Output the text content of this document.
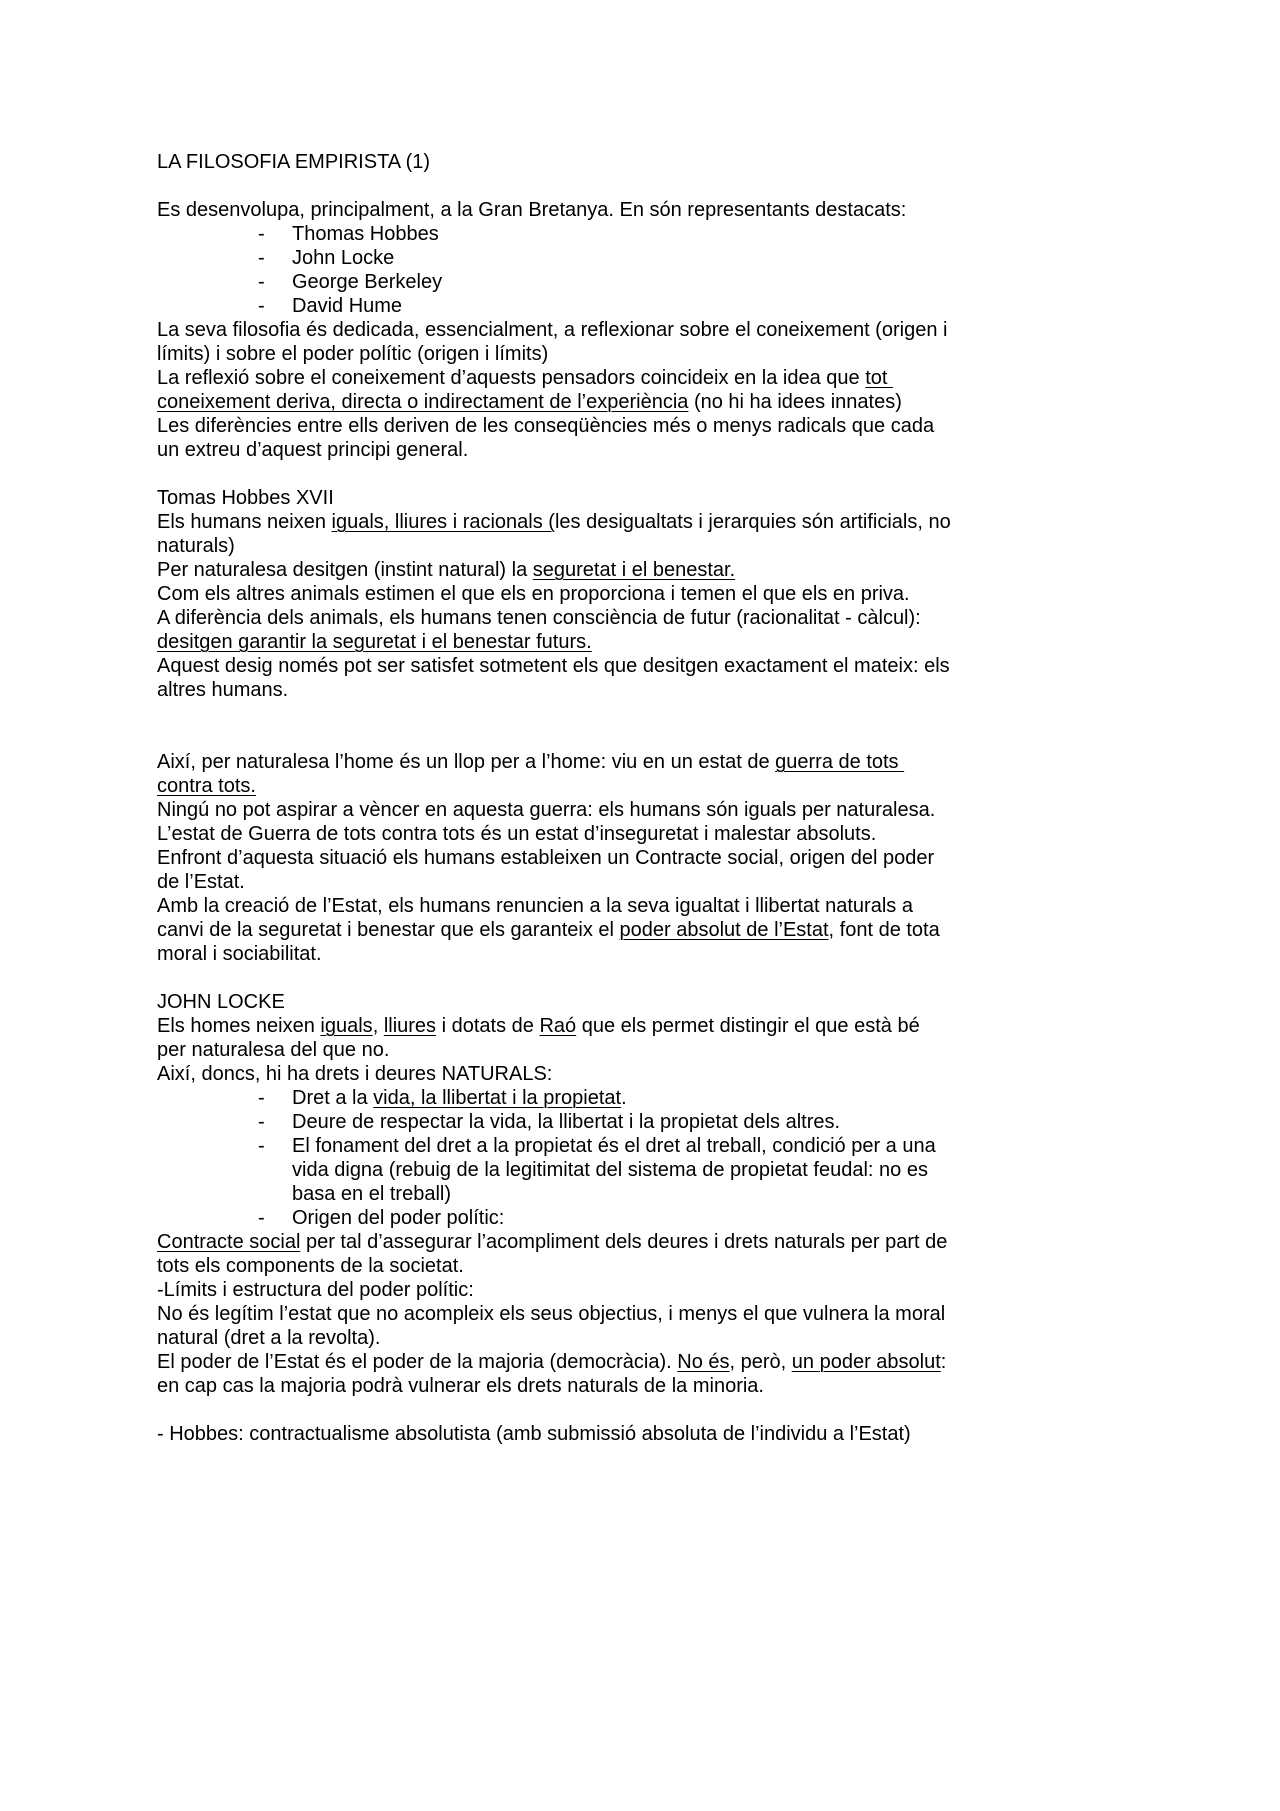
LA FILOSOFIA EMPIRISTA (1)

Es desenvolupa, principalment, a la Gran Bretanya. En són representants destacats:

-	Thomas Hobbes
-	John Locke
-	George Berkeley
-	David Hume

La seva filosofia és dedicada, essencialment, a reflexionar sobre el coneixement (origen i límits) i sobre el poder polític (origen i límits)

La reflexió sobre el coneixement d’aquests pensadors coincideix en la idea que tot coneixement deriva, directa o indirectament de l’experiència (no hi ha idees innates)

Les diferències entre ells deriven de les conseqüències més o menys radicals que cada un extreu d’aquest principi general.

Tomas Hobbes XVII

Els humans neixen iguals, lliures i racionals (les desigualtats i jerarquies són artificials, no naturals)

Per naturalesa desitgen (instint natural) la seguretat i el benestar.

Com els altres animals estimen el que els en proporciona i temen el que els en priva.

A diferència dels animals, els humans tenen consciència de futur (racionalitat - càlcul): desitgen garantir la seguretat i el benestar futurs.

Aquest desig només pot ser satisfet sotmetent els que desitgen exactament el mateix: els altres humans.

Així, per naturalesa l’home és un llop per a l’home: viu en un estat de guerra de tots contra tots.

Ningú no pot aspirar a vèncer en aquesta guerra: els humans són iguals per naturalesa.

L’estat de Guerra de tots contra tots és un estat d’inseguretat i malestar absoluts.

Enfront d’aquesta situació els humans estableixen un Contracte social, origen del poder de l’Estat.

Amb la creació de l’Estat, els humans renuncien a la seva igualtat i llibertat naturals a canvi de la seguretat i benestar que els garanteix el poder absolut de l’Estat, font de tota moral i sociabilitat.

JOHN LOCKE

Els homes neixen iguals, lliures i dotats de Raó que els permet distingir el que està bé per naturalesa del que no.

Així, doncs, hi ha drets i deures NATURALS:

-	Dret a la vida, la llibertat i la propietat.
-	Deure de respectar la vida, la llibertat i la propietat dels altres.
-	El fonament del dret a la propietat és el dret al treball, condició per a una vida digna (rebuig de la legitimitat del sistema de propietat feudal: no es basa en el treball)
-	Origen del poder polític:

Contracte social per tal d’assegurar l’acompliment dels deures i drets naturals per part de tots els components de la societat.

-Límits i estructura del poder polític:

No és legítim l’estat que no acompleix els seus objectius, i menys el que vulnera la moral natural (dret a la revolta).

El poder de l’Estat és el poder de la majoria (democràcia). No és, però, un poder absolut: en cap cas la majoria podrà vulnerar els drets naturals de la minoria.

- Hobbes: contractualisme absolutista (amb submissió absoluta de l’individu a l’Estat)
